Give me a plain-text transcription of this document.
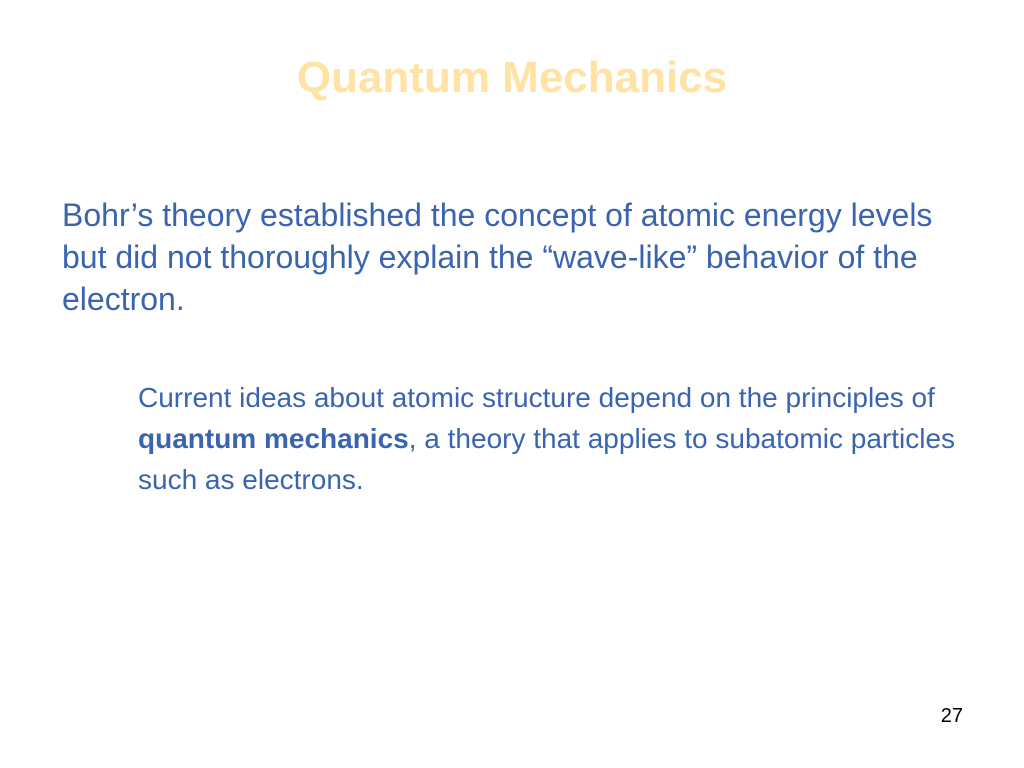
Quantum Mechanics

Bohr’s theory established the concept of atomic energy levels but did not thoroughly explain the “wave-like” behavior of the electron.

Current ideas about atomic structure depend on the principles of quantum mechanics, a theory that applies to subatomic particles such as electrons.

27
